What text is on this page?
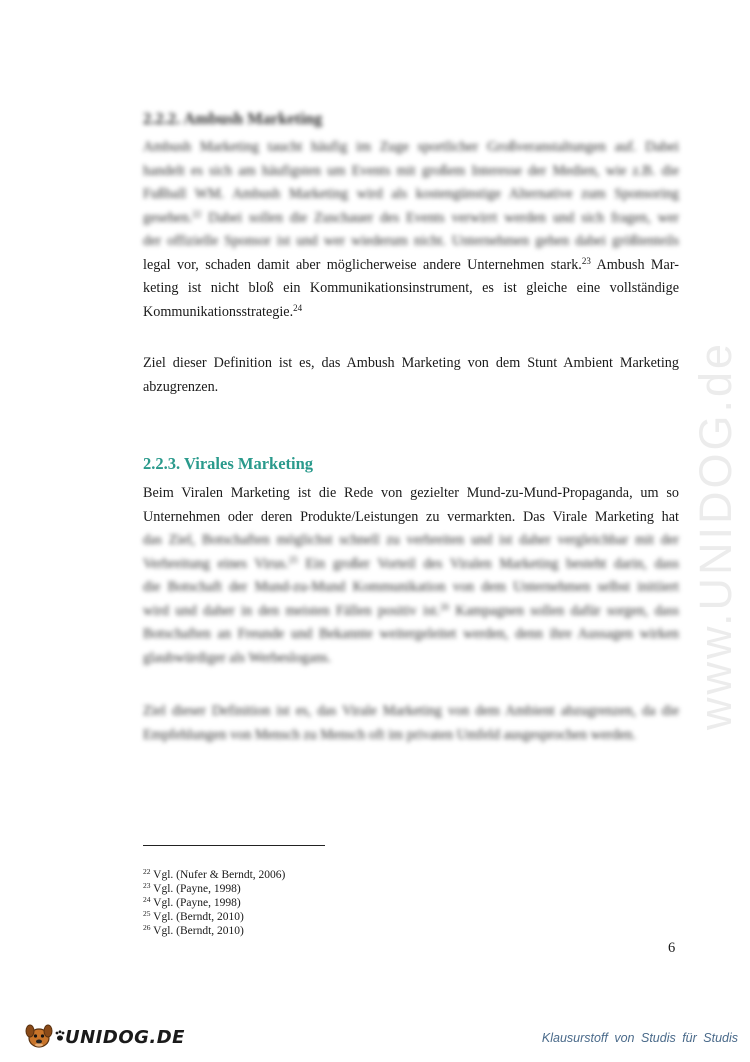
www.UNIDOG.de
2.2.2. Ambush Marketing
Ambush Marketing taucht häufig im Zuge sportlicher Großveranstaltungen auf. Dabei
handelt es sich am häufigsten um Events mit großem Interesse der Medien, wie z.B. die
Fußball WM. Ambush Marketing wird als kostengünstige Alternative zum Sponsoring
gesehen.$^{22}$ Dabei sollen die Zuschauer des Events verwirrt werden und sich fragen, wer
der offizielle Sponsor ist und wer wiederum nicht. Unternehmen gehen dabei größtenteils
legal vor, schaden damit aber möglicherweise andere Unternehmen stark.$^{23}$ Ambush Mar-
keting ist nicht bloß ein Kommunikationsinstrument, es ist gleiche eine vollständige
Kommunikationsstrategie.$^{24}$
Ziel dieser Definition ist es, das Ambush Marketing von dem Stunt Ambient Marketing
abzugrenzen.
2.2.3. Virales Marketing
Beim Viralen Marketing ist die Rede von gezielter Mund-zu-Mund-Propaganda, um so
Unternehmen oder deren Produkte/Leistungen zu vermarkten. Das Virale Marketing hat
das Ziel, Botschaften möglichst schnell zu verbreiten und ist daher vergleichbar mit der
Verbreitung eines Virus.$^{25}$ Ein großer Vorteil des Viralen Marketing besteht darin, dass
die Botschaft der Mund-zu-Mund Kommunikation von dem Unternehmen selbst initiiert
wird und daher in den meisten Fällen positiv ist.$^{26}$ Kampagnen sollen dafür sorgen, dass
Botschaften an Freunde und Bekannte weitergeleitet werden, denn ihre Aussagen wirken
glaubwürdiger als Werbeslogans.
Ziel dieser Definition ist es, das Virale Marketing von dem Ambient abzugrenzen, da die
Empfehlungen von Mensch zu Mensch oft im privaten Umfeld ausgesprochen werden.
$^{22}$ Vgl. (Nufer & Berndt, 2006)
$^{23}$ Vgl. (Payne, 1998)
$^{24}$ Vgl. (Payne, 1998)
$^{25}$ Vgl. (Berndt, 2010)
$^{26}$ Vgl. (Berndt, 2010)
6
UNIDOG.DE	Klausurstoff von Studis für Studis
